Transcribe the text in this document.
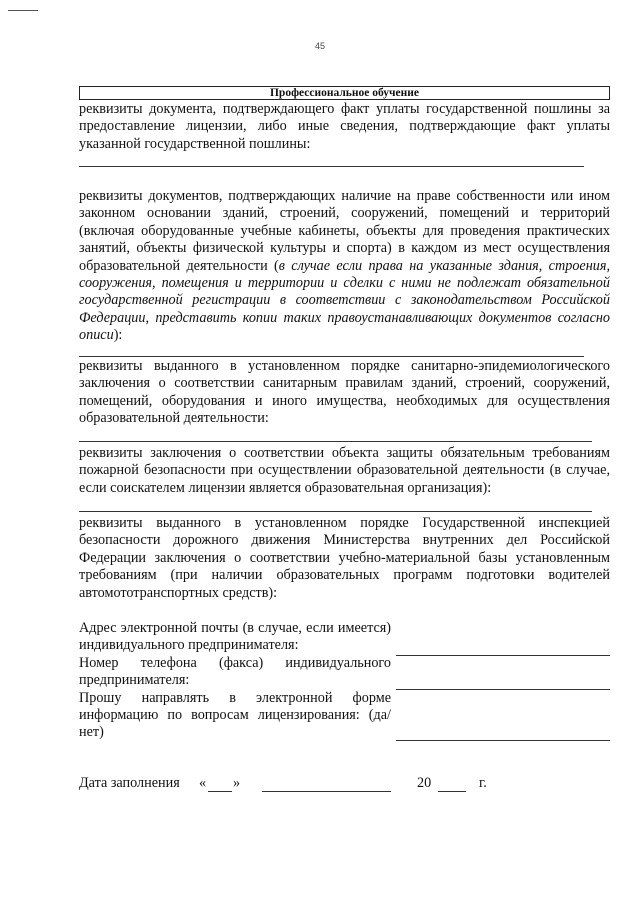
45
Профессиональное обучение
реквизиты документа, подтверждающего факт уплаты государственной пошлины за предоставление лицензии, либо иные сведения, подтверждающие факт уплаты указанной государственной пошлины:
реквизиты документов, подтверждающих наличие на праве собственности или ином законном основании зданий, строений, сооружений, помещений и территорий (включая оборудованные учебные кабинеты, объекты для проведения практических занятий, объекты физической культуры и спорта) в каждом из мест осуществления образовательной деятельности (в случае если права на указанные здания, строения, сооружения, помещения и территории и сделки с ними не подлежат обязательной государственной регистрации в соответствии с законодательством Российской Федерации, представить копии таких правоустанавливающих документов согласно описи):
реквизиты выданного в установленном порядке санитарно-эпидемиологического заключения о соответствии санитарным правилам зданий, строений, сооружений, помещений, оборудования и иного имущества, необходимых для осуществления образовательной деятельности:
реквизиты заключения о соответствии объекта защиты обязательным требованиям пожарной безопасности при осуществлении образовательной деятельности (в случае, если соискателем лицензии является образовательная организация):
реквизиты выданного в установленном порядке Государственной инспекцией безопасности дорожного движения Министерства внутренних дел Российской Федерации заключения о соответствии учебно-материальной базы установленным требованиям (при наличии образовательных программ подготовки водителей автомототранспортных средств):
Адрес электронной почты (в случае, если имеется) индивидуального предпринимателя:
Номер телефона (факса) индивидуального предпринимателя:
Прошу направлять в электронной форме информацию по вопросам лицензирования: (да/нет)
Дата заполнения « »	20	г.
